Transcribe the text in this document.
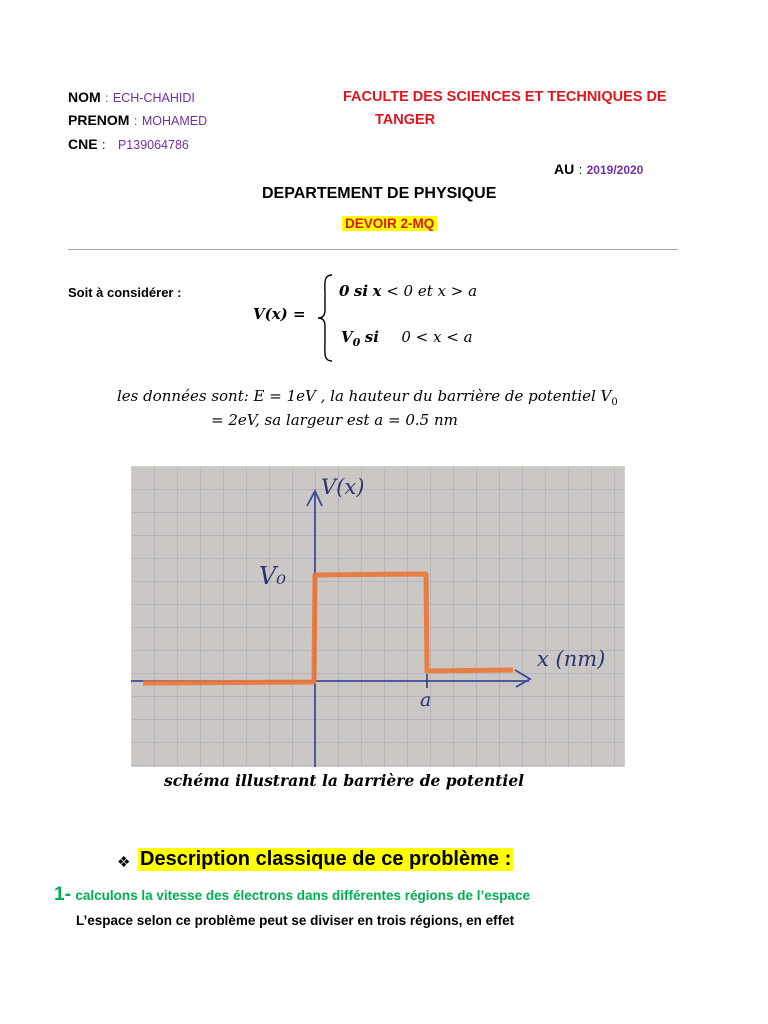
NOM : ECH-CHAHIDI
PRENOM : MOHAMED
CNE : P139064786
FACULTE DES SCIENCES ET TECHNIQUES DE
TANGER
AU : 2019/2020
DEPARTEMENT DE PHYSIQUE
DEVOIR 2-MQ
Soit à considérer :
V(x) =
0 si x < 0 et x > a
$V_0$ si 0 < x < a
les données sont: E = 1eV , la hauteur du barrière de potentiel $V_0$
= 2eV, sa largeur est a = 0.5 nm
V(x)
x (nm)
V₀
a
schéma illustrant la barrière de potentiel
❖ Description classique de ce problème :
1- calculons la vitesse des électrons dans différentes régions de l’espace
L’espace selon ce problème peut se diviser en trois régions, en effet
